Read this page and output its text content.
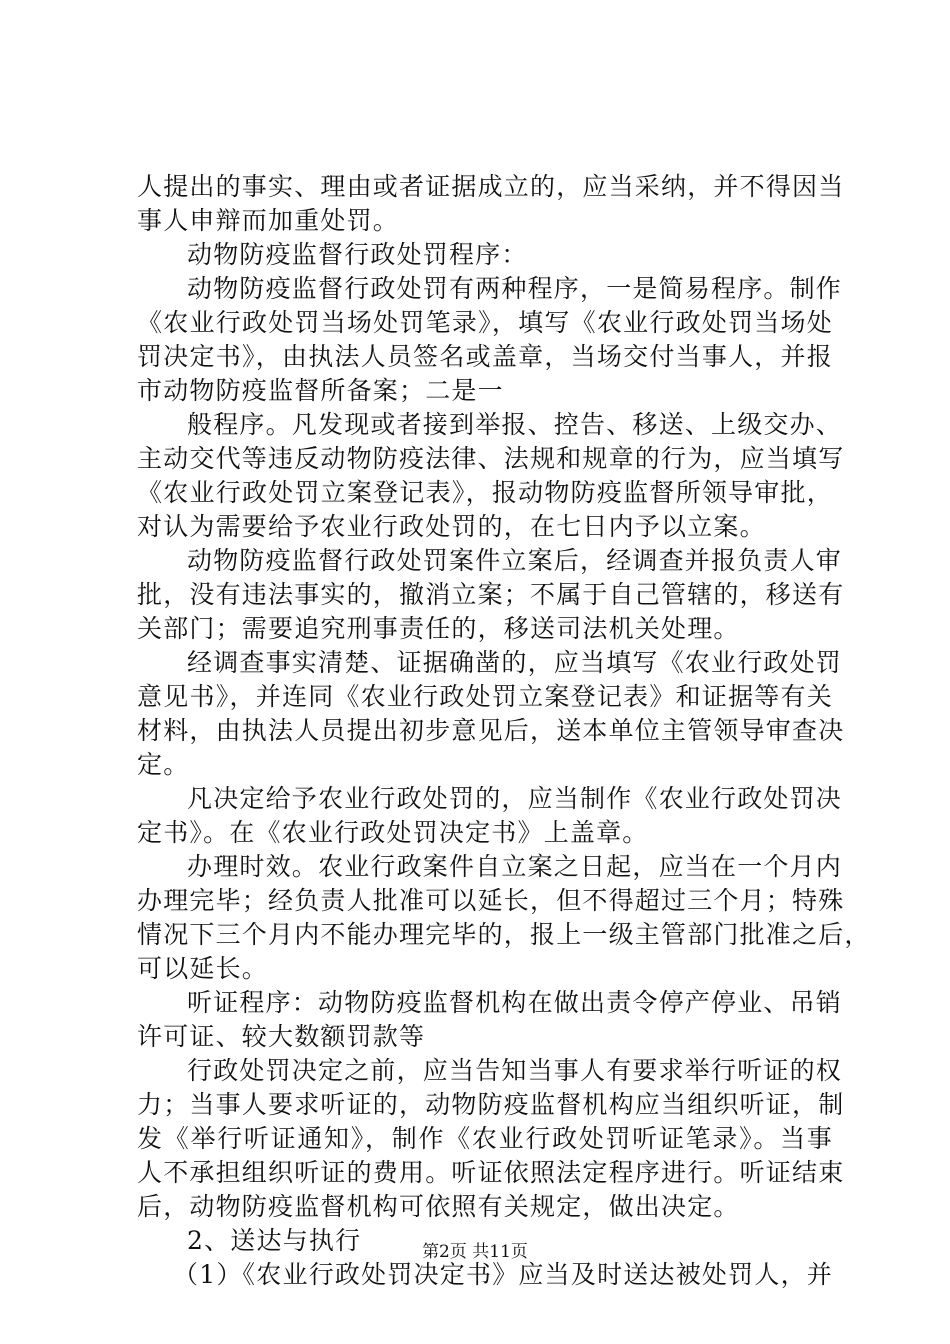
人提出的事实、理由或者证据成立的，应当采纳，并不得因当
事人申辩而加重处罚。
动物防疫监督行政处罚程序：
动物防疫监督行政处罚有两种程序，一是简易程序。制作
《农业行政处罚当场处罚笔录》，填写《农业行政处罚当场处
罚决定书》，由执法人员签名或盖章，当场交付当事人，并报
市动物防疫监督所备案；二是一
般程序。凡发现或者接到举报、控告、移送、上级交办、
主动交代等违反动物防疫法律、法规和规章的行为，应当填写
《农业行政处罚立案登记表》，报动物防疫监督所领导审批，
对认为需要给予农业行政处罚的，在七日内予以立案。
动物防疫监督行政处罚案件立案后，经调查并报负责人审
批，没有违法事实的，撤消立案；不属于自己管辖的，移送有
关部门；需要追究刑事责任的，移送司法机关处理。
经调查事实清楚、证据确凿的，应当填写《农业行政处罚
意见书》，并连同《农业行政处罚立案登记表》和证据等有关
材料，由执法人员提出初步意见后，送本单位主管领导审查决
定。
凡决定给予农业行政处罚的，应当制作《农业行政处罚决
定书》。在《农业行政处罚决定书》上盖章。
办理时效。农业行政案件自立案之日起，应当在一个月内
办理完毕；经负责人批准可以延长，但不得超过三个月；特殊
情况下三个月内不能办理完毕的，报上一级主管部门批准之后，
可以延长。
听证程序：动物防疫监督机构在做出责令停产停业、吊销
许可证、较大数额罚款等
行政处罚决定之前，应当告知当事人有要求举行听证的权
力；当事人要求听证的，动物防疫监督机构应当组织听证，制
发《举行听证通知》，制作《农业行政处罚听证笔录》。当事
人不承担组织听证的费用。听证依照法定程序进行。听证结束
后，动物防疫监督机构可依照有关规定，做出决定。
2、送达与执行
（1）《农业行政处罚决定书》应当及时送达被处罚人，并
第2页 共11页
